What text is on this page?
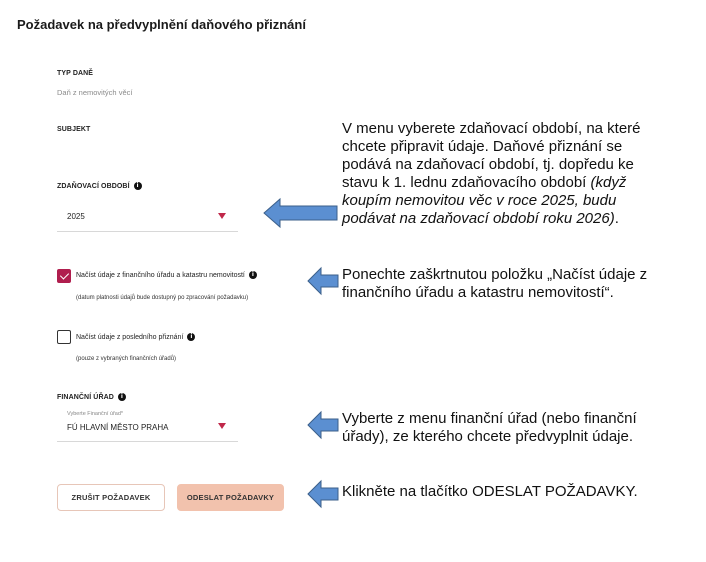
Požadavek na předvyplnění daňového přiznání
TYP DANĚ
Daň z nemovitých věcí
SUBJEKT
ZDAŇOVACÍ OBDOBÍ i
2025
Načíst údaje z finančního úřadu a katastru nemovitostí i
(datum platnosti údajů bude dostupný po zpracování požadavku)
Načíst údaje z posledního přiznání i
(pouze z vybraných finančních úřadů)
FINANČNÍ ÚŘAD i
Vyberte Finanční úřad*
FÚ HLAVNÍ MĚSTO PRAHA
ZRUŠIT POŽADAVEK	ODESLAT POŽADAVKY
V menu vyberete zdaňovací období, na které chcete připravit údaje. Daňové přiznání se podává na zdaňovací období, tj. dopředu ke stavu k 1. lednu zdaňovacího období (když koupím nemovitou věc v roce 2025, budu podávat na zdaňovací období roku 2026).
Ponechte zaškrtnutou položku „Načíst údaje z finančního úřadu a katastru nemovitostí“.
Vyberte z menu finanční úřad (nebo finanční úřady), ze kterého chcete předvyplnit údaje.
Klikněte na tlačítko ODESLAT POŽADAVKY.
